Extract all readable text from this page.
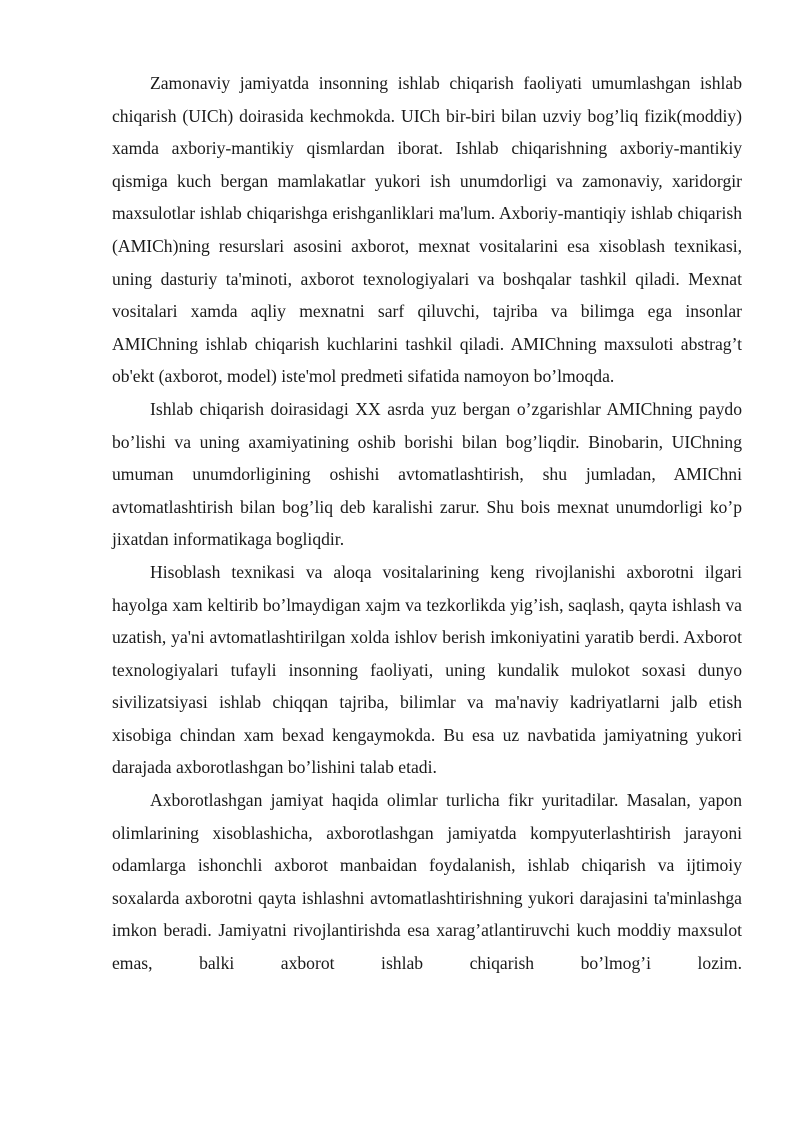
Zamonaviy jamiyatda insonning ishlab chiqarish faoliyati umumlashgan ishlab chiqarish (UICh) doirasida kechmokda. UICh bir-biri bilan uzviy bog’liq fizik(moddiy) xamda axboriy-mantikiy qismlardan iborat. Ishlab chiqarishning axboriy-mantikiy qismiga kuch bergan mamlakatlar yukori ish unumdorligi va zamonaviy, xaridorgir maxsulotlar ishlab chiqarishga erishganliklari ma'lum. Axboriy-mantiqiy ishlab chiqarish (AMICh)ning resurslari asosini axborot, mexnat vositalarini esa xisoblash texnikasi, uning dasturiy ta'minoti, axborot texnologiyalari va boshqalar tashkil qiladi. Mexnat vositalari xamda aqliy mexnatni sarf qiluvchi, tajriba va bilimga ega insonlar AMIChning ishlab chiqarish kuchlarini tashkil qiladi. AMIChning maxsuloti abstrag’t ob'ekt (axborot, model) iste'mol predmeti sifatida namoyon bo’lmoqda.

Ishlab chiqarish doirasidagi XX asrda yuz bergan o’zgarishlar AMIChning paydo bo’lishi va uning axamiyatining oshib borishi bilan bog’liqdir. Binobarin, UIChning umuman unumdorligining oshishi avtomatlashtirish, shu jumladan, AMIChni avtomatlashtirish bilan bog’liq deb karalishi zarur. Shu bois mexnat unumdorligi ko’p jixatdan informatikaga bogliqdir.

Hisoblash texnikasi va aloqa vositalarining keng rivojlanishi axborotni ilgari hayolga xam keltirib bo’lmaydigan xajm va tezkorlikda yig’ish, saqlash, qayta ishlash va uzatish, ya'ni avtomatlashtirilgan xolda ishlov berish imkoniyatini yaratib berdi. Axborot texnologiyalari tufayli insonning faoliyati, uning kundalik mulokot soxasi dunyo sivilizatsiyasi ishlab chiqqan tajriba, bilimlar va ma'naviy kadriyatlarni jalb etish xisobiga chindan xam bexad kengaymokda. Bu esa uz navbatida jamiyatning yukori darajada axborotlashgan bo’lishini talab etadi.

Axborotlashgan jamiyat haqida olimlar turlicha fikr yuritadilar. Masalan, yapon olimlarining xisoblashicha, axborotlashgan jamiyatda kompyuterlashtirish jarayoni odamlarga ishonchli axborot manbaidan foydalanish, ishlab chiqarish va ijtimoiy soxalarda axborotni qayta ishlashni avtomatlashtirishning yukori darajasini ta'minlashga imkon beradi. Jamiyatni rivojlantirishda esa xarag’atlantiruvchi kuch moddiy maxsulot emas, balki axborot ishlab chiqarish bo’lmog’i lozim.
